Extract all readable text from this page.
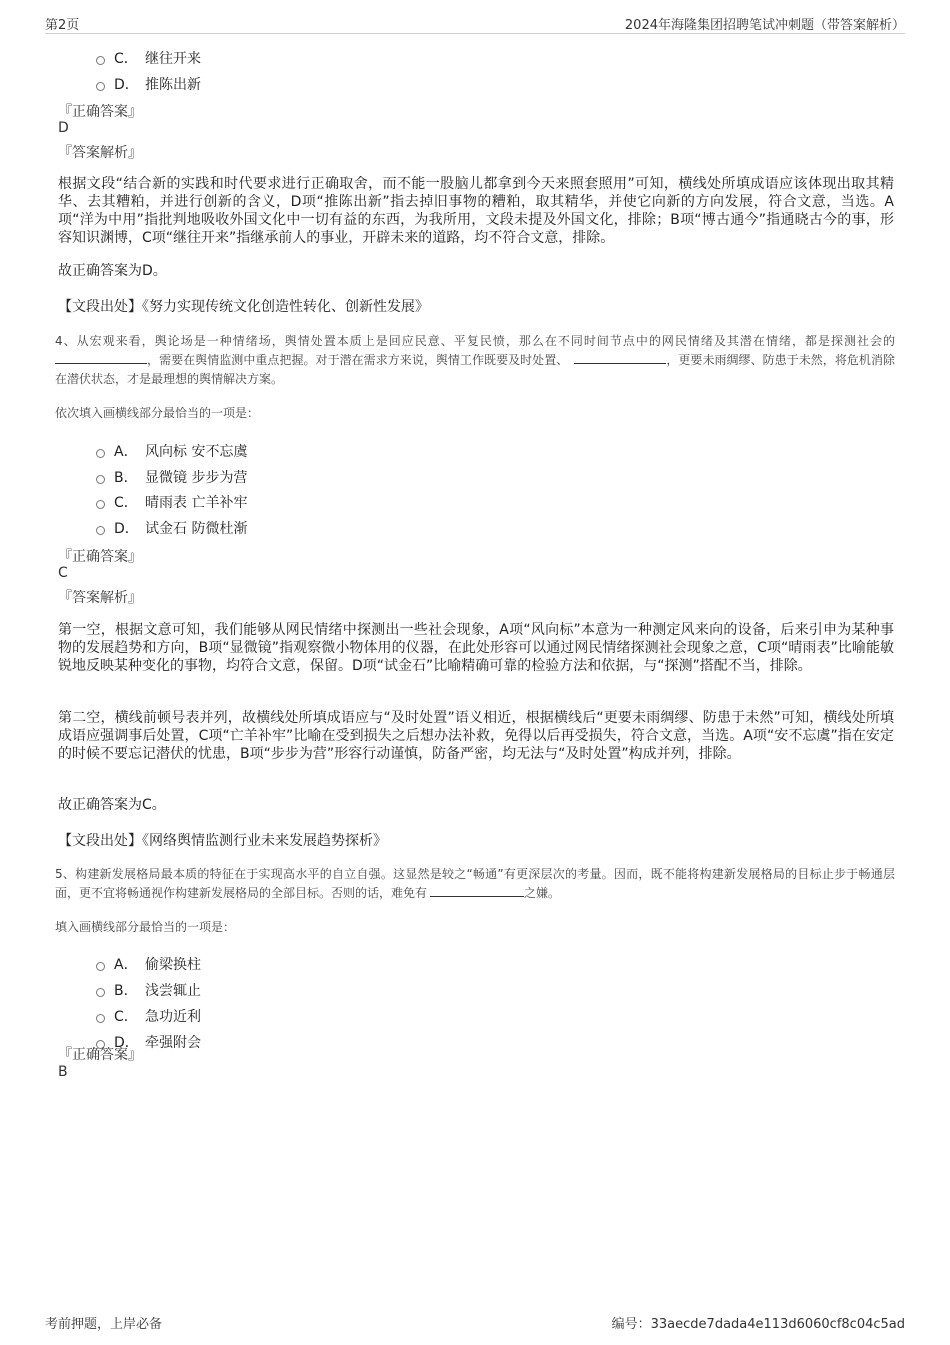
第2页	2024年海隆集团招聘笔试冲刺题（带答案解析）
C． 继往开来
D． 推陈出新
『正确答案』
D
『答案解析』
根据文段“结合新的实践和时代要求进行正确取舍，而不能一股脑儿都拿到今天来照套照用”可知，横线处所填成语应该体现出取其精华、去其糟粕，并进行创新的含义，D项“推陈出新”指去掉旧事物的糟粕，取其精华，并使它向新的方向发展，符合文意，当选。A项“洋为中用”指批判地吸收外国文化中一切有益的东西，为我所用，文段未提及外国文化，排除；B项“博古通今”指通晓古今的事，形容知识渊博，C项“继往开来”指继承前人的事业，开辟未来的道路，均不符合文意，排除。
故正确答案为D。
【文段出处】《努力实现传统文化创造性转化、创新性发展》
4、从宏观来看，舆论场是一种情绪场，舆情处置本质上是回应民意、平复民愤，那么在不同时间节点中的网民情绪及其潜在情绪，都是探测社会的，需要在舆情监测中重点把握。对于潜在需求方来说，舆情工作既要及时处置、	，更要未雨绸缪、防患于未然，将危机消除在潜伏状态，才是最理想的舆情解决方案。
依次填入画横线部分最恰当的一项是：
A． 风向标 安不忘虞
B． 显微镜 步步为营
C． 晴雨表 亡羊补牢
D． 试金石 防微杜渐
『正确答案』
C
『答案解析』
第一空，根据文意可知，我们能够从网民情绪中探测出一些社会现象，A项“风向标”本意为一种测定风来向的设备，后来引申为某种事物的发展趋势和方向，B项“显微镜”指观察微小物体用的仪器，在此处形容可以通过网民情绪探测社会现象之意，C项“晴雨表”比喻能敏锐地反映某种变化的事物，均符合文意，保留。D项“试金石”比喻精确可靠的检验方法和依据，与“探测”搭配不当，排除。
第二空，横线前顿号表并列，故横线处所填成语应与“及时处置”语义相近，根据横线后“更要未雨绸缪、防患于未然”可知，横线处所填成语应强调事后处置，C项“亡羊补牢”比喻在受到损失之后想办法补救，免得以后再受损失，符合文意，当选。A项“安不忘虞”指在安定的时候不要忘记潜伏的忧患，B项“步步为营”形容行动谨慎，防备严密，均无法与“及时处置”构成并列，排除。
故正确答案为C。
【文段出处】《网络舆情监测行业未来发展趋势探析》
5、构建新发展格局最本质的特征在于实现高水平的自立自强。这显然是较之“畅通”有更深层次的考量。因而，既不能将构建新发展格局的目标止步于畅通层面，更不宜将畅通视作构建新发展格局的全部目标。否则的话，难免有	之嫌。
填入画横线部分最恰当的一项是：
A． 偷梁换柱
B． 浅尝辄止
C． 急功近利
D． 牵强附会
『正确答案』
B
考前押题，上岸必备	编号：33aecde7dada4e113d6060cf8c04c5ad
